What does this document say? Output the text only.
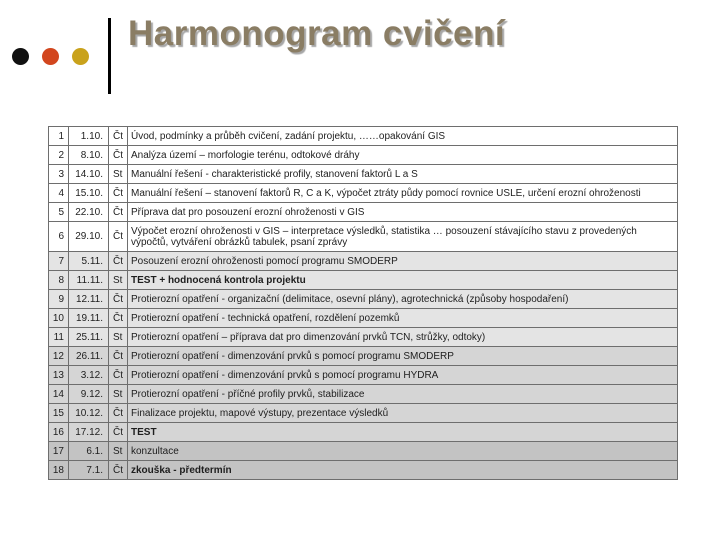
Harmonogram cvičení
1	1.10.	Čt	Úvod, podmínky a průběh cvičení, zadání projektu, ……opakování GIS
2	8.10.	Čt	Analýza území – morfologie terénu, odtokové dráhy
3	14.10.	St	Manuální řešení - charakteristické profily, stanovení faktorů L a S
4	15.10.	Čt	Manuální řešení – stanovení faktorů R, C a K, výpočet ztráty půdy pomocí rovnice USLE, určení erozní ohroženosti
5	22.10.	Čt	Příprava dat pro posouzení erozní ohroženosti v GIS
6	29.10.	Čt	Výpočet erozní ohroženosti v GIS – interpretace výsledků, statistika … posouzení stávajícího stavu z provedených výpočtů, vytváření obrázků tabulek, psaní zprávy
7	5.11.	Čt	Posouzení erozní ohroženosti pomocí programu SMODERP
8	11.11.	St	TEST + hodnocená kontrola projektu
9	12.11.	Čt	Protierozní opatření - organizační (delimitace, osevní plány), agrotechnická (způsoby hospodaření)
10	19.11.	Čt	Protierozní opatření - technická opatření, rozdělení pozemků
11	25.11.	St	Protierozní opatření – příprava dat pro dimenzování prvků TCN, strůžky, odtoky)
12	26.11.	Čt	Protierozní opatření - dimenzování prvků s pomocí programu SMODERP
13	3.12.	Čt	Protierozní opatření - dimenzování prvků s pomocí programu HYDRA
14	9.12.	St	Protierozní opatření - příčné profily prvků, stabilizace
15	10.12.	Čt	Finalizace projektu, mapové výstupy, prezentace výsledků
16	17.12.	Čt	TEST
17	6.1.	St	konzultace
18	7.1.	Čt	zkouška - předtermín
